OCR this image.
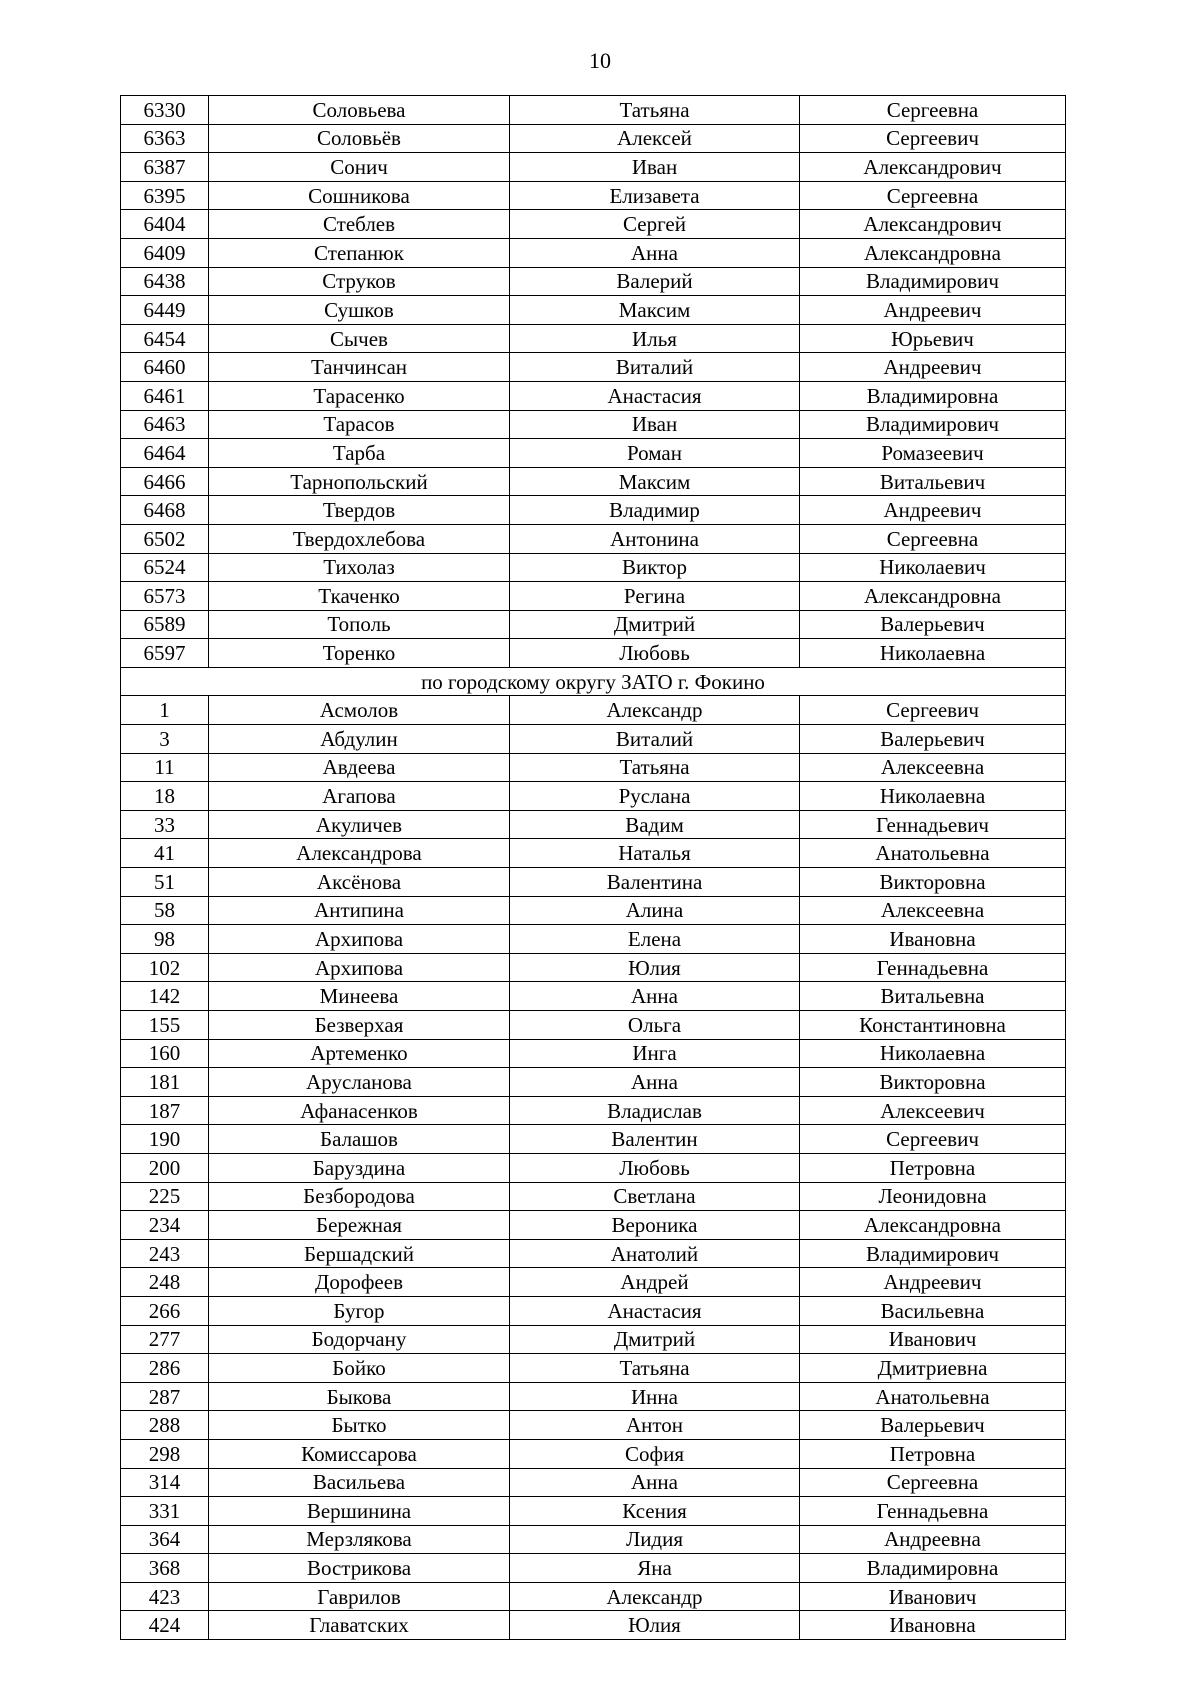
10
6330	Соловьева	Татьяна	Сергеевна
6363	Соловьёв	Алексей	Сергеевич
6387	Сонич	Иван	Александрович
6395	Сошникова	Елизавета	Сергеевна
6404	Стеблев	Сергей	Александрович
6409	Степанюк	Анна	Александровна
6438	Струков	Валерий	Владимирович
6449	Сушков	Максим	Андреевич
6454	Сычев	Илья	Юрьевич
6460	Танчинсан	Виталий	Андреевич
6461	Тарасенко	Анастасия	Владимировна
6463	Тарасов	Иван	Владимирович
6464	Тарба	Роман	Ромазеевич
6466	Тарнопольский	Максим	Витальевич
6468	Твердов	Владимир	Андреевич
6502	Твердохлебова	Антонина	Сергеевна
6524	Тихолаз	Виктор	Николаевич
6573	Ткаченко	Регина	Александровна
6589	Тополь	Дмитрий	Валерьевич
6597	Торенко	Любовь	Николаевна
по городскому округу ЗАТО г. Фокино			
1	Асмолов	Александр	Сергеевич
3	Абдулин	Виталий	Валерьевич
11	Авдеева	Татьяна	Алексеевна
18	Агапова	Руслана	Николаевна
33	Акуличев	Вадим	Геннадьевич
41	Александрова	Наталья	Анатольевна
51	Аксёнова	Валентина	Викторовна
58	Антипина	Алина	Алексеевна
98	Архипова	Елена	Ивановна
102	Архипова	Юлия	Геннадьевна
142	Минеева	Анна	Витальевна
155	Безверхая	Ольга	Константиновна
160	Артеменко	Инга	Николаевна
181	Арусланова	Анна	Викторовна
187	Афанасенков	Владислав	Алексеевич
190	Балашов	Валентин	Сергеевич
200	Баруздина	Любовь	Петровна
225	Безбородова	Светлана	Леонидовна
234	Бережная	Вероника	Александровна
243	Бершадский	Анатолий	Владимирович
248	Дорофеев	Андрей	Андреевич
266	Бугор	Анастасия	Васильевна
277	Бодорчану	Дмитрий	Иванович
286	Бойко	Татьяна	Дмитриевна
287	Быкова	Инна	Анатольевна
288	Бытко	Антон	Валерьевич
298	Комиссарова	София	Петровна
314	Васильева	Анна	Сергеевна
331	Вершинина	Ксения	Геннадьевна
364	Мерзлякова	Лидия	Андреевна
368	Вострикова	Яна	Владимировна
423	Гаврилов	Александр	Иванович
424	Главатских	Юлия	Ивановна
